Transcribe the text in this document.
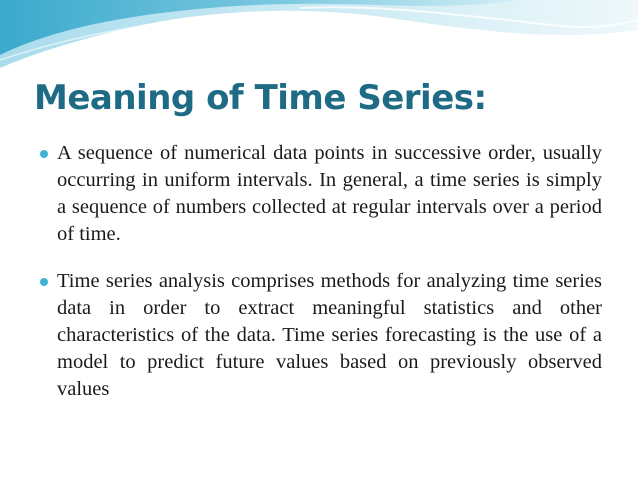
Meaning of Time Series:
A sequence of numerical data points in successive order, usually occurring in uniform intervals. In general, a time series is simply a sequence of numbers collected at regular intervals over a period of time.
Time series analysis comprises methods for analyzing time series data in order to extract meaningful statistics and other characteristics of the data. Time series forecasting is the use of a model to predict future values based on previously observed values
